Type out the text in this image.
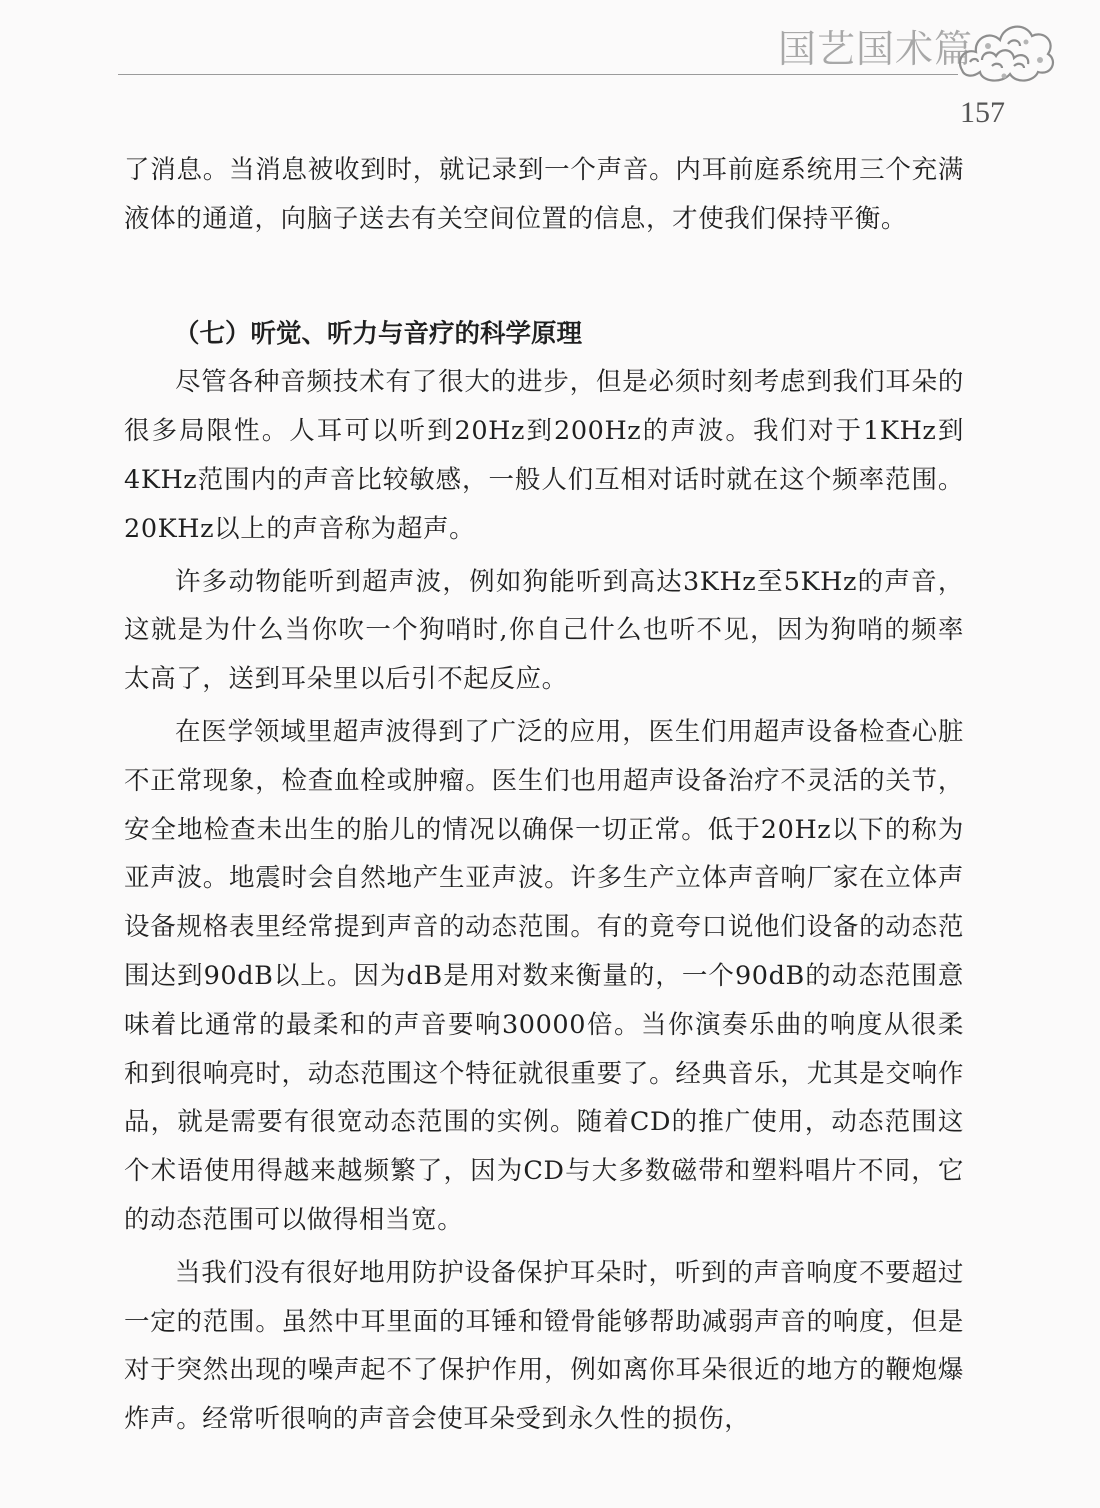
国艺国术篇
157

了消息。当消息被收到时，就记录到一个声音。内耳前庭系统用三个充满液体的通道，向脑子送去有关空间位置的信息，才使我们保持平衡。

（七）听觉、听力与音疗的科学原理

尽管各种音频技术有了很大的进步，但是必须时刻考虑到我们耳朵的很多局限性。人耳可以听到20Hz到200Hz的声波。我们对于1KHz到4KHz范围内的声音比较敏感，一般人们互相对话时就在这个频率范围。20KHz以上的声音称为超声。

许多动物能听到超声波，例如狗能听到高达3KHz至5KHz的声音，这就是为什么当你吹一个狗哨时,你自己什么也听不见，因为狗哨的频率太高了，送到耳朵里以后引不起反应。

在医学领域里超声波得到了广泛的应用，医生们用超声设备检查心脏不正常现象，检查血栓或肿瘤。医生们也用超声设备治疗不灵活的关节，安全地检查未出生的胎儿的情况以确保一切正常。低于20Hz以下的称为亚声波。地震时会自然地产生亚声波。许多生产立体声音响厂家在立体声设备规格表里经常提到声音的动态范围。有的竟夸口说他们设备的动态范围达到90dB以上。因为dB是用对数来衡量的，一个90dB的动态范围意味着比通常的最柔和的声音要响30000倍。当你演奏乐曲的响度从很柔和到很响亮时，动态范围这个特征就很重要了。经典音乐，尤其是交响作品，就是需要有很宽动态范围的实例。随着CD的推广使用，动态范围这个术语使用得越来越频繁了，因为CD与大多数磁带和塑料唱片不同，它的动态范围可以做得相当宽。

当我们没有很好地用防护设备保护耳朵时，听到的声音响度不要超过一定的范围。虽然中耳里面的耳锤和镫骨能够帮助减弱声音的响度，但是对于突然出现的噪声起不了保护作用，例如离你耳朵很近的地方的鞭炮爆炸声。经常听很响的声音会使耳朵受到永久性的损伤，
